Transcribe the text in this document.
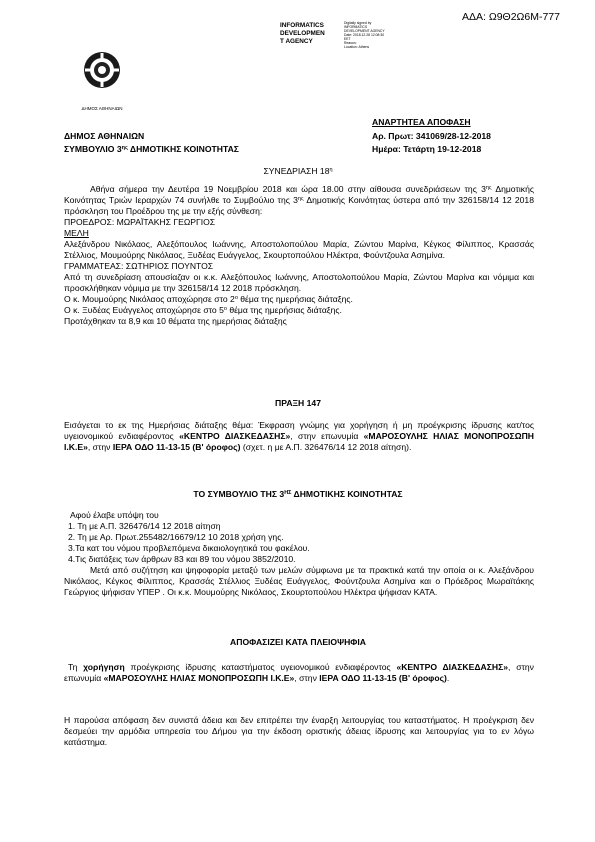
ΑΔΑ: Ω9Θ2Ω6Μ-777
INFORMATICS
DEVELOPMEN
T AGENCY
Digitally signed by
INFORMATICS
DEVELOPMENT AGENCY
Date: 2018.12.28 12:08:30
EET
Reason:
Location: Athens
ΔΗΜΟΣ ΑΘΗΝΑΙΩΝ
ΑΝΑΡΤΗΤΕΑ ΑΠΟΦΑΣΗ
Αρ. Πρωτ: 341069/28-12-2018
Ημέρα: Τετάρτη 19-12-2018
ΔΗΜΟΣ ΑΘΗΝΑΙΩΝ
ΣΥΜΒΟΥΛΙΟ $3^{\eta\varsigma}$ ΔΗΜΟΤΙΚΗΣ ΚΟΙΝΟΤΗΤΑΣ
ΣΥΝΕΔΡΙΑΣΗ $18^\eta$

Αθήνα σήμερα την Δευτέρα 19 Νοεμβρίου 2018 και ώρα 18.00 στην αίθουσα συνεδριάσεων της $3^{\eta\varsigma}$ Δημοτικής Κοινότητας Τριών Ιεραρχών 74 συνήλθε το Συμβούλιο της $3^{\eta\varsigma}$ Δημοτικής Κοινότητας ύστερα από την 326158/14 12 2018 πρόσκληση του Προέδρου της με την εξής σύνθεση:

ΠΡΟΕΔΡΟΣ: ΜΩΡΑΪΤΑΚΗΣ ΓΕΩΡΓΙΟΣ

ΜΕΛΗ

Αλεξάνδρου Νικόλαος, Αλεξόπουλος Ιωάννης, Αποστολοπούλου Μαρία, Ζώντου Μαρίνα, Κέγκος Φίλιππος, Κρασσάς Στέλλιος, Μουμούρης Νικόλαος, Ξυδέας Ευάγγελος, Σκουρτοπούλου Ηλέκτρα, Φούντζουλα Ασημίνα.

ΓΡΑΜΜΑΤΕΑΣ: ΣΩΤΗΡΙΟΣ ΠΟΥΝΤΟΣ

Από τη συνεδρίαση απουσίαζαν οι κ.κ. Αλεξόπουλος Ιωάννης, Αποστολοπούλου Μαρία, Ζώντου Μαρίνα και νόμιμα και προσκλήθηκαν νόμιμα με την 326158/14 12 2018 πρόσκληση.

Ο κ. Μουμούρης Νικόλαος αποχώρησε στο $2^o$ θέμα της ημερήσιας διάταξης.

Ο κ. Ξυδέας Ευάγγελος αποχώρησε στο $5^o$ θέμα της ημερήσιας διάταξης.

Προτάχθηκαν τα 8,9 και 10 θέματα της ημερήσιας διάταξης

ΠΡΑΞΗ 147
Εισάγεται το εκ της Ημερήσιας διάταξης θέμα: Έκφραση γνώμης για χορήγηση ή μη προέγκρισης ίδρυσης κατ/τος υγειονομικού ενδιαφέροντος «ΚΕΝΤΡΟ ΔΙΑΣΚΕΔΑΣΗΣ», στην επωνυμία «ΜΑΡΟΣΟΥΛΗΣ ΗΛΙΑΣ ΜΟΝΟΠΡΟΣΩΠΗ Ι.Κ.Ε», στην ΙΕΡΑ ΟΔΟ 11-13-15 (Β' όροφος) (σχετ. η με Α.Π. 326476/14 12 2018 αίτηση).
ΤΟ ΣΥΜΒΟΥΛΙΟ ΤΗΣ $3^{H\Sigma}$ ΔΗΜΟΤΙΚΗΣ ΚΟΙΝΟΤΗΤΑΣ

Αφού έλαβε υπόψη του

1. Τη με Α.Π. 326476/14 12 2018 αίτηση

2. Τη με Αρ. Πρωτ.255482/16679/12 10 2018 χρήση γης.

3.Τα κατ του νόμου προβλεπόμενα δικαιολογητικά του φακέλου.

4.Τις διατάξεις των άρθρων 83 και 89 του νόμου 3852/2010.

Μετά από συζήτηση και ψηφοφορία μεταξύ των μελών σύμφωνα με τα πρακτικά κατά την οποία οι κ. Αλεξάνδρου Νικόλαος, Κέγκος Φίλιππος, Κρασσάς Στέλλιος Ξυδέας Ευάγγελος, Φούντζουλα Ασημίνα και ο Πρόεδρος Μωραϊτάκης Γεώργιος ψήφισαν ΥΠΕΡ . Οι κ.κ. Μουμούρης Νικόλαος, Σκουρτοπούλου Ηλέκτρα ψήφισαν ΚΑΤΑ.

ΑΠΟΦΑΣΙΖΕΙ ΚΑΤΑ ΠΛΕΙΟΨΗΦΙΑ
Τη χορήγηση προέγκρισης ίδρυσης καταστήματος υγειονομικού ενδιαφέροντος «ΚΕΝΤΡΟ ΔΙΑΣΚΕΔΑΣΗΣ», στην επωνυμία «ΜΑΡΟΣΟΥΛΗΣ ΗΛΙΑΣ ΜΟΝΟΠΡΟΣΩΠΗ Ι.Κ.Ε», στην ΙΕΡΑ ΟΔΟ 11-13-15 (Β' όροφος).
Η παρούσα απόφαση δεν συνιστά άδεια και δεν επιτρέπει την έναρξη λειτουργίας του καταστήματος. Η προέγκριση δεν δεσμεύει την αρμόδια υπηρεσία του Δήμου για την έκδοση οριστικής άδειας ίδρυσης και λειτουργίας για το εν λόγω κατάστημα.
